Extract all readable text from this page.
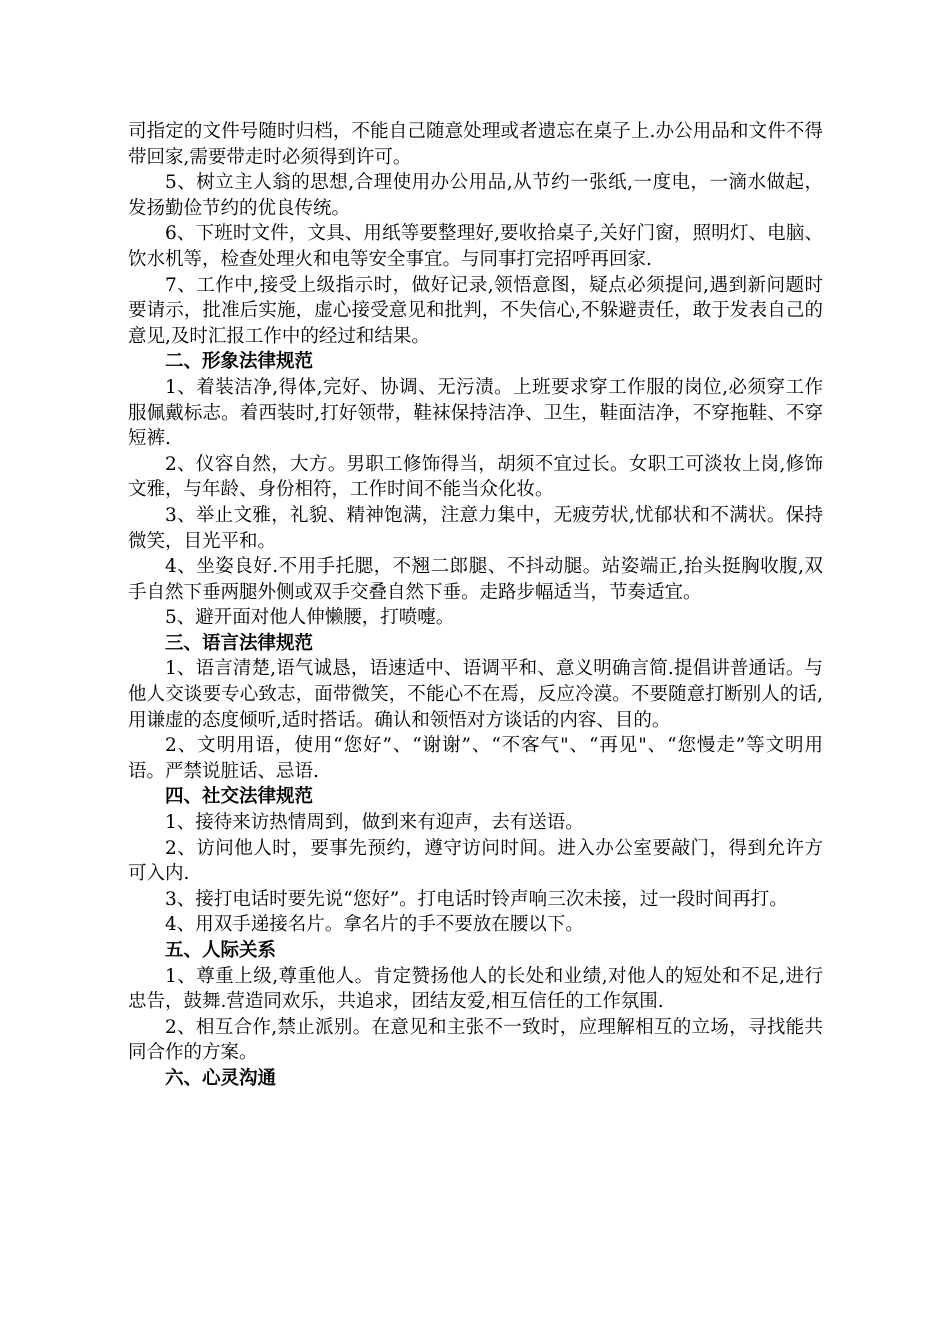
司指定的文件号随时归档，不能自己随意处理或者遗忘在桌子上.办公用品和文件不得带回家,需要带走时必须得到许可。

5、树立主人翁的思想,合理使用办公用品,从节约一张纸,一度电，一滴水做起，发扬勤俭节约的优良传统。

6、下班时文件，文具、用纸等要整理好,要收拾桌子,关好门窗，照明灯、电脑、饮水机等，检查处理火和电等安全事宜。与同事打完招呼再回家.

7、工作中,接受上级指示时，做好记录,领悟意图，疑点必须提问,遇到新问题时要请示，批准后实施，虚心接受意见和批判，不失信心,不躲避责任，敢于发表自己的意见,及时汇报工作中的经过和结果。

二、形象法律规范

1、着装洁净,得体,完好、协调、无污渍。上班要求穿工作服的岗位,必须穿工作服佩戴标志。着西装时,打好领带，鞋袜保持洁净、卫生，鞋面洁净，不穿拖鞋、不穿短裤.

2、仪容自然，大方。男职工修饰得当，胡须不宜过长。女职工可淡妆上岗,修饰文雅，与年龄、身份相符，工作时间不能当众化妆。

3、举止文雅，礼貌、精神饱满，注意力集中，无疲劳状,忧郁状和不满状。保持微笑，目光平和。

4、坐姿良好.不用手托腮，不翘二郎腿、不抖动腿。站姿端正,抬头挺胸收腹,双手自然下垂两腿外侧或双手交叠自然下垂。走路步幅适当，节奏适宜。

5、避开面对他人伸懒腰，打喷嚏。

三、语言法律规范

1、语言清楚,语气诚恳，语速适中、语调平和、意义明确言简.提倡讲普通话。与他人交谈要专心致志，面带微笑，不能心不在焉，反应冷漠。不要随意打断别人的话,用谦虚的态度倾听,适时搭话。确认和领悟对方谈话的内容、目的。

2、文明用语，使用“您好”、“谢谢”、“不客气"、“再见"、“您慢走”等文明用语。严禁说脏话、忌语.

四、社交法律规范

1、接待来访热情周到，做到来有迎声，去有送语。

2、访问他人时，要事先预约，遵守访问时间。进入办公室要敲门，得到允许方可入内.

3、接打电话时要先说“您好”。打电话时铃声响三次未接，过一段时间再打。

4、用双手递接名片。拿名片的手不要放在腰以下。

五、人际关系

1、尊重上级,尊重他人。肯定赞扬他人的长处和业绩,对他人的短处和不足,进行忠告，鼓舞.营造同欢乐，共追求，团结友爱,相互信任的工作氛围.

2、相互合作,禁止派别。在意见和主张不一致时，应理解相互的立场，寻找能共同合作的方案。

六、心灵沟通
